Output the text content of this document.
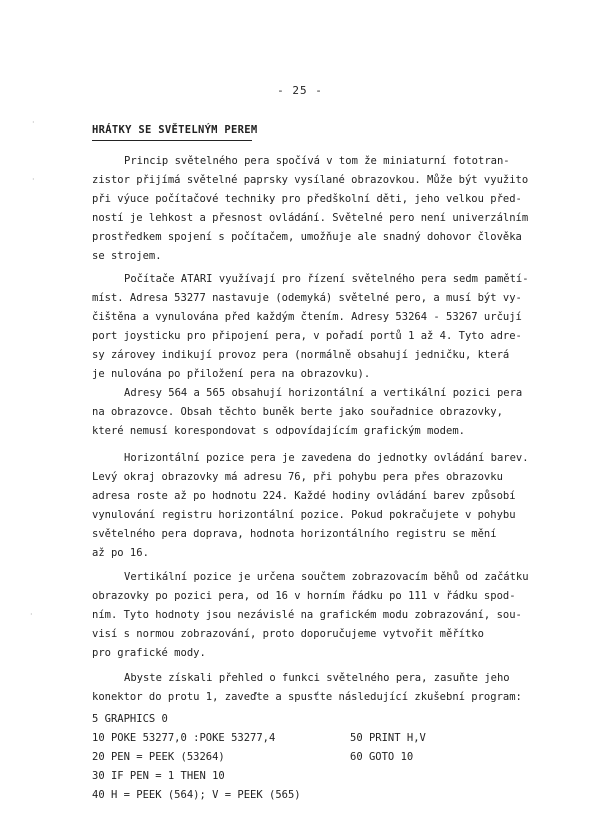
- 25 -
HRÁTKY SE SVĚTELNÝM PEREM
·
·
·
Princip světelného pera spočívá v tom že miniaturní fototran-
zistor přijímá světelné paprsky vysílané obrazovkou. Může být využito
při výuce počítačové techniky pro předškolní děti, jeho velkou před-
ností je lehkost a přesnost ovládání. Světelné pero není univerzálním
prostředkem spojení s počítačem, umožňuje ale snadný dohovor člověka
se strojem.
Počítače ATARI využívají pro řízení světelného pera sedm pamětí-
míst. Adresa 53277 nastavuje (odemyká) světelné pero, a musí být vy-
čištěna a vynulována před každým čtením. Adresy 53264 - 53267 určují
port joysticku pro připojení pera, v pořadí portů 1 až 4. Tyto adre-
sy zárovey indikují provoz pera (normálně obsahují jedničku, která
je nulována po přiložení pera na obrazovku).
Adresy 564 a 565 obsahují horizontální a vertikální pozici pera
na obrazovce. Obsah těchto buněk berte jako souřadnice obrazovky,
které nemusí korespondovat s odpovídajícím grafickým modem.
Horizontální pozice pera je zavedena do jednotky ovládání barev.
Levý okraj obrazovky má adresu 76, při pohybu pera přes obrazovku
adresa roste až po hodnotu 224. Každé hodiny ovládání barev způsobí
vynulování registru horizontální pozice. Pokud pokračujete v pohybu
světelného pera doprava, hodnota horizontálního registru se mění
až po 16.
Vertikální pozice je určena součtem zobrazovacím běhů od začátku
obrazovky po pozici pera, od 16 v horním řádku po 111 v řádku spod-
ním. Tyto hodnoty jsou nezávislé na grafickém modu zobrazování, sou-
visí s normou zobrazování, proto doporučujeme vytvořit měřítko
pro grafické mody.
Abyste získali přehled o funkci světelného pera, zasuňte jeho
konektor do protu 1, zaveďte a spusťte následující zkušební program:
5 GRAPHICS 0
10 POKE 53277,0 :POKE 53277,4
20 PEN = PEEK (53264)
30 IF PEN = 1 THEN 10
40 H = PEEK (564); V = PEEK (565)
50 PRINT H,V
60 GOTO 10
